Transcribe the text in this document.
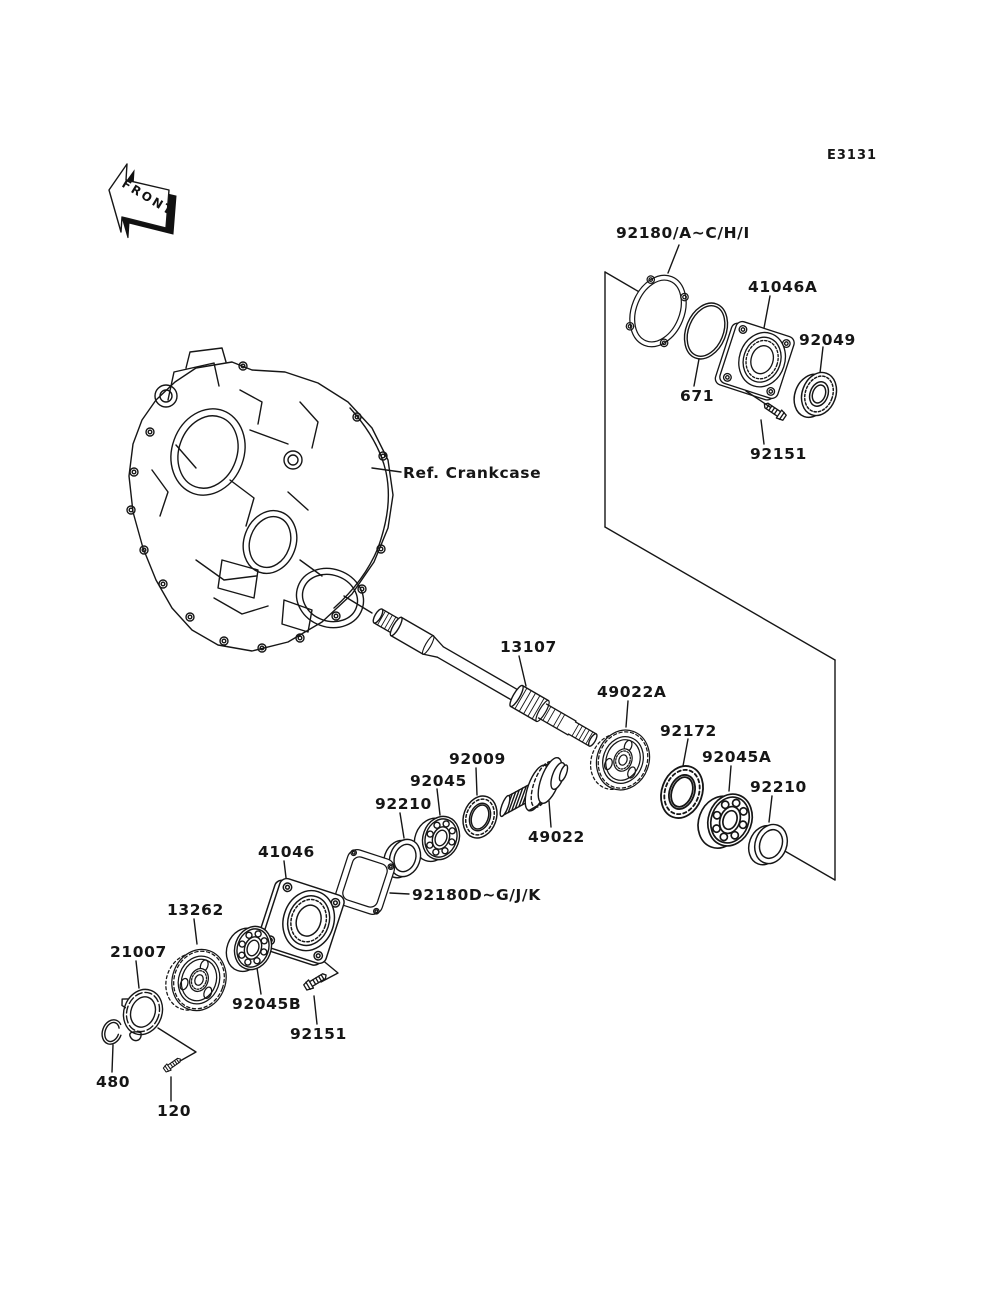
FRONT
E3131
92180/A~C/H/I
41046A
92049
671
92151
Ref. Crankcase
13107
49022A
92172
92045A
92210
92009
92045
92210
49022
41046
92180D~G/J/K
13262
21007
92045B
92151
480
120
